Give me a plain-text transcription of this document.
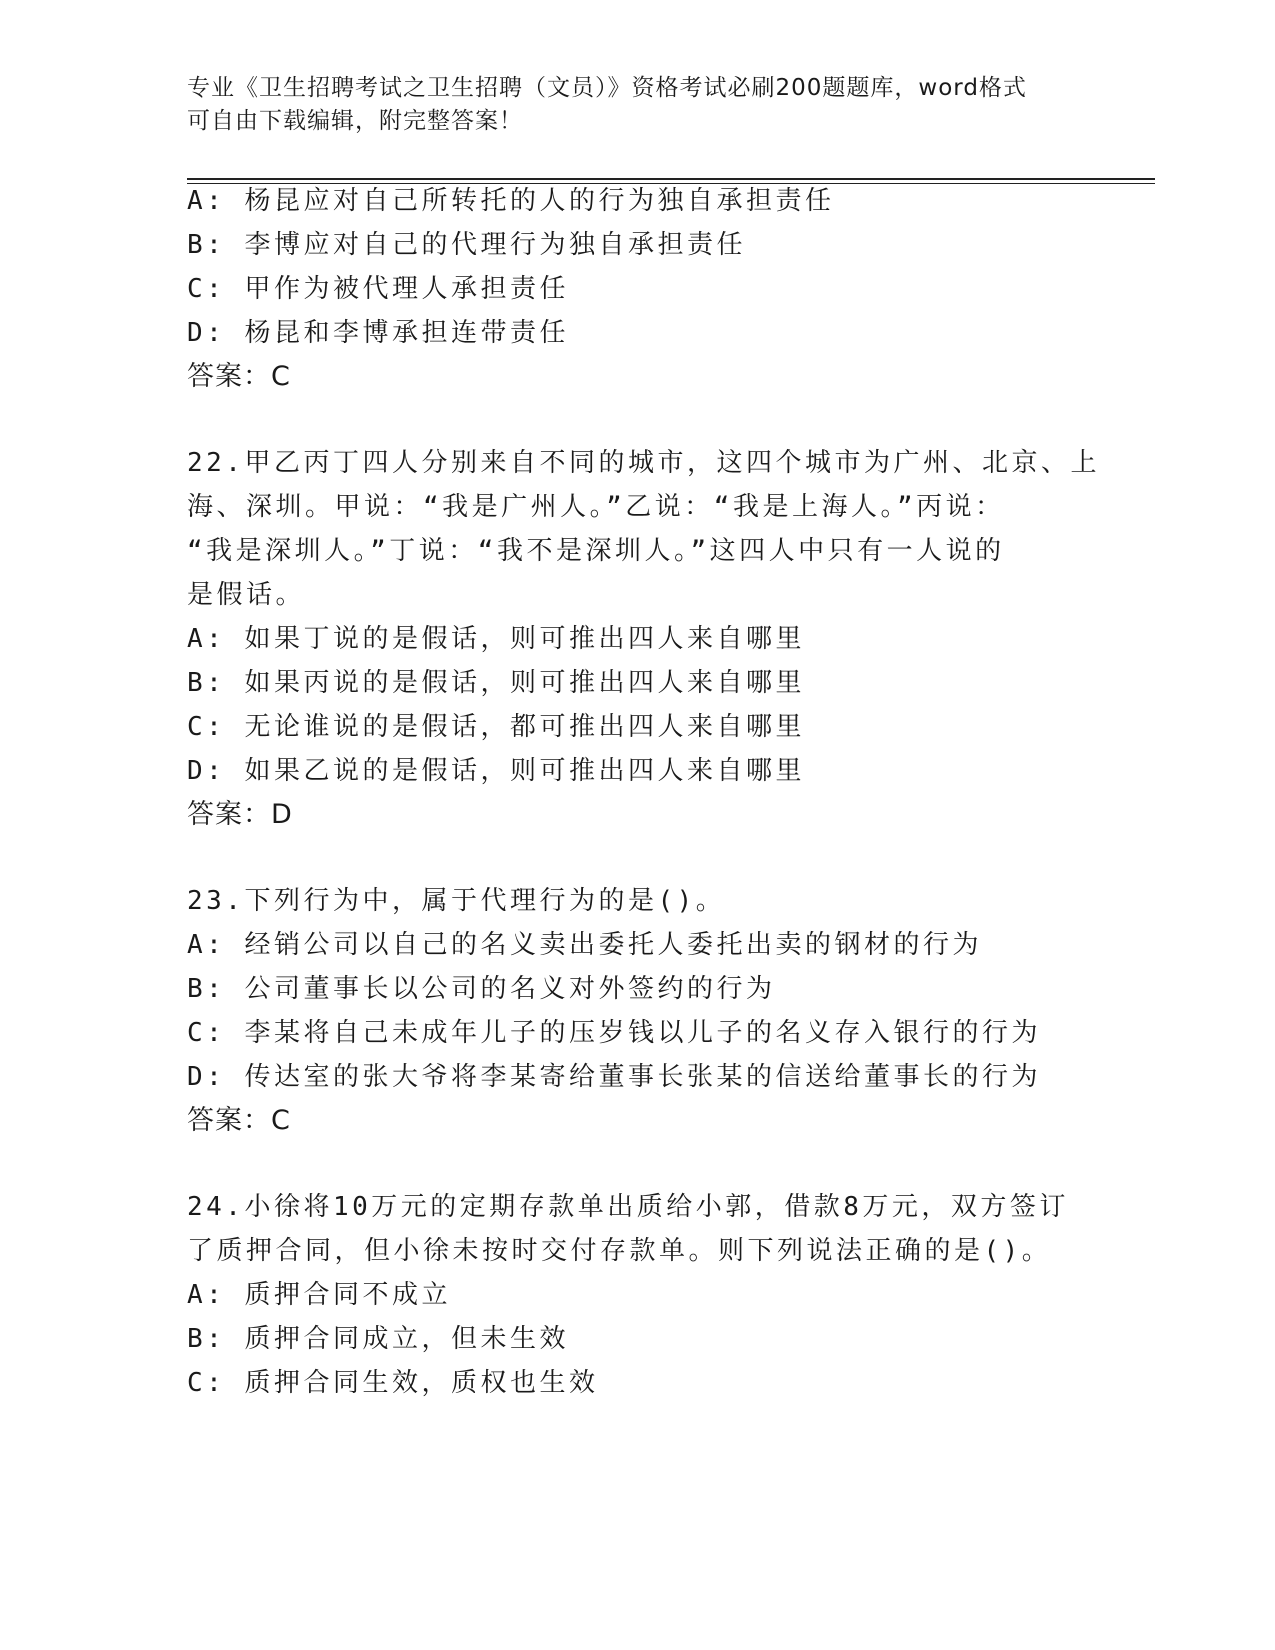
专业《卫生招聘考试之卫生招聘（文员）》资格考试必刷200题题库，word格式
可自由下载编辑，附完整答案！
A: 杨昆应对自己所转托的人的行为独自承担责任
B: 李博应对自己的代理行为独自承担责任
C: 甲作为被代理人承担责任
D: 杨昆和李博承担连带责任
答案：C
22.甲乙丙丁四人分别来自不同的城市，这四个城市为广州、北京、上
海、深圳。甲说：“我是广州人。”乙说：“我是上海人。”丙说：
“我是深圳人。”丁说：“我不是深圳人。”这四人中只有一人说的
是假话。
A: 如果丁说的是假话，则可推出四人来自哪里
B: 如果丙说的是假话，则可推出四人来自哪里
C: 无论谁说的是假话，都可推出四人来自哪里
D: 如果乙说的是假话，则可推出四人来自哪里
答案：D
23.下列行为中，属于代理行为的是()。
A: 经销公司以自己的名义卖出委托人委托出卖的钢材的行为
B: 公司董事长以公司的名义对外签约的行为
C: 李某将自己未成年儿子的压岁钱以儿子的名义存入银行的行为
D: 传达室的张大爷将李某寄给董事长张某的信送给董事长的行为
答案：C
24.小徐将10万元的定期存款单出质给小郭，借款8万元，双方签订
了质押合同，但小徐未按时交付存款单。则下列说法正确的是()。
A: 质押合同不成立
B: 质押合同成立，但未生效
C: 质押合同生效，质权也生效
